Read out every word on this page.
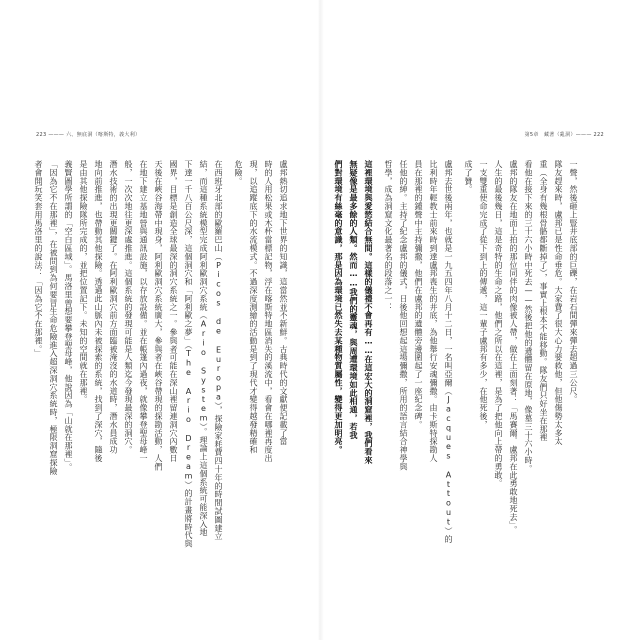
223 ——— 六、無底洞（喀斯特，義大利）	第5章　藏著（亂洞）——— 222
一聲，然後砸上豎井底部的巨礫，在岩石間彈來彈去超過三公尺。
隊友趕來時，盧邦已是性命垂危。大家費了很大心力要救他，但他傷勢太多太
重（全身有幾根骨骼都斷掉了），事實上根本不能移動。隊友們只好坐在那裡
看他在接下來的三十六小時中死去——然後把他的遺體留在原地，像墓三十六小時。
盧邦的隊友在地面上拍的那位同伴的肉像被人帶，做在上面刻著：「馬賽爾．盧邦在此勇敢地死去」。
人生的最後幾日，這是奇特的生命之路，他們之所以在這裡，是為了把他向上帶的勇敢。
一支雙重使命完成了從下到上的傳遞，這一輩子盧邦有多少，在他死後，
成了贊。
盧邦去世後兩年，也就是一九五四年八月十二日，一名叫亞爾（Jacques Attout）的
比利時年輕教士前來時到達盧邦喪生的井底，為他舉行安魂彌撒。由卡斯特探勘人
員在那裡的鍾聲中主持彌撒，他們在盧邦的遺體旁邊圍起了一座紀念碑。
任他的紳。主持了紀念盧邦的儀式，日後他回想起這場彌撒，所用的語言結合神學與
哲學，成為洞窟文化最著名的段落之一：
這裡環境與愛慾結合無間。這樣的儀禮不會再有……在這宏大的洞窟裡，我們看來
無疑像是最多餘的人類。然而……我們的靈魂，與周遭環境如此相通，若我
們對環境有絲毫的意識，那是因為環境已然失去某種物質屬性，變得更加明亮。
盧邦熱切追求地下世界的知識，這當然並不新鮮。古典時代的文獻便記載了當
時的人用松果或木杯當標記物，浮在喀斯特地區消失的溪流中，看會在哪裡再度出
現，以追蹤底下的水流模式。不過深度測繪的活動是到了現代才變得越發精確和
危險。
在西班牙北部的歐羅巴山（Picos de Europa），探險家耗費四十年的時間試圖建立
結，而這種系統模型完成阿利歐洞穴系統（Ario System）。理論上這個系統可能深入地
下達一千八百公尺深，這個洞穴和「阿利歐之夢」（The Ario Dream）的計畫將時代與
國界，目標是創造全球最深的洞穴系統之一。參與者可能在深山裡留連洞穴內數日
天後在峽谷海帶中現身，阿利歐洞穴系統廣大，參與者在峽谷帶現的探勘活動，人們
在地下建立基地營與通訊設施，以存放設備。並在帳篷內過夜，就像攀登聖母峰一
般，一次次地往更深處推進。這個系統的發現可能是人類迄今發現最深的洞穴。
潛水技術的出現更關鍵了。在阿利歐洞穴前方面臨被淹沒的水道時，潛水員成功
地向前推進，也帶動其他探險。透過此山脈內未被探索的系統，找到了深穴，隨後
是由其他探險隊所完成的，並把位置記下。未知的空間就在那裡。
義賢圖學所謂的「空白區域」。馬洛里曾想要攀登聖母峰，他說因為「山就在那裡」。
「因為它不在那裡」，在被問到為何要冒生命危險進入超深洞穴系統時，極限洞窟探險
者會開玩笑套用馬洛里的說法：「因為它不在那裡。」
